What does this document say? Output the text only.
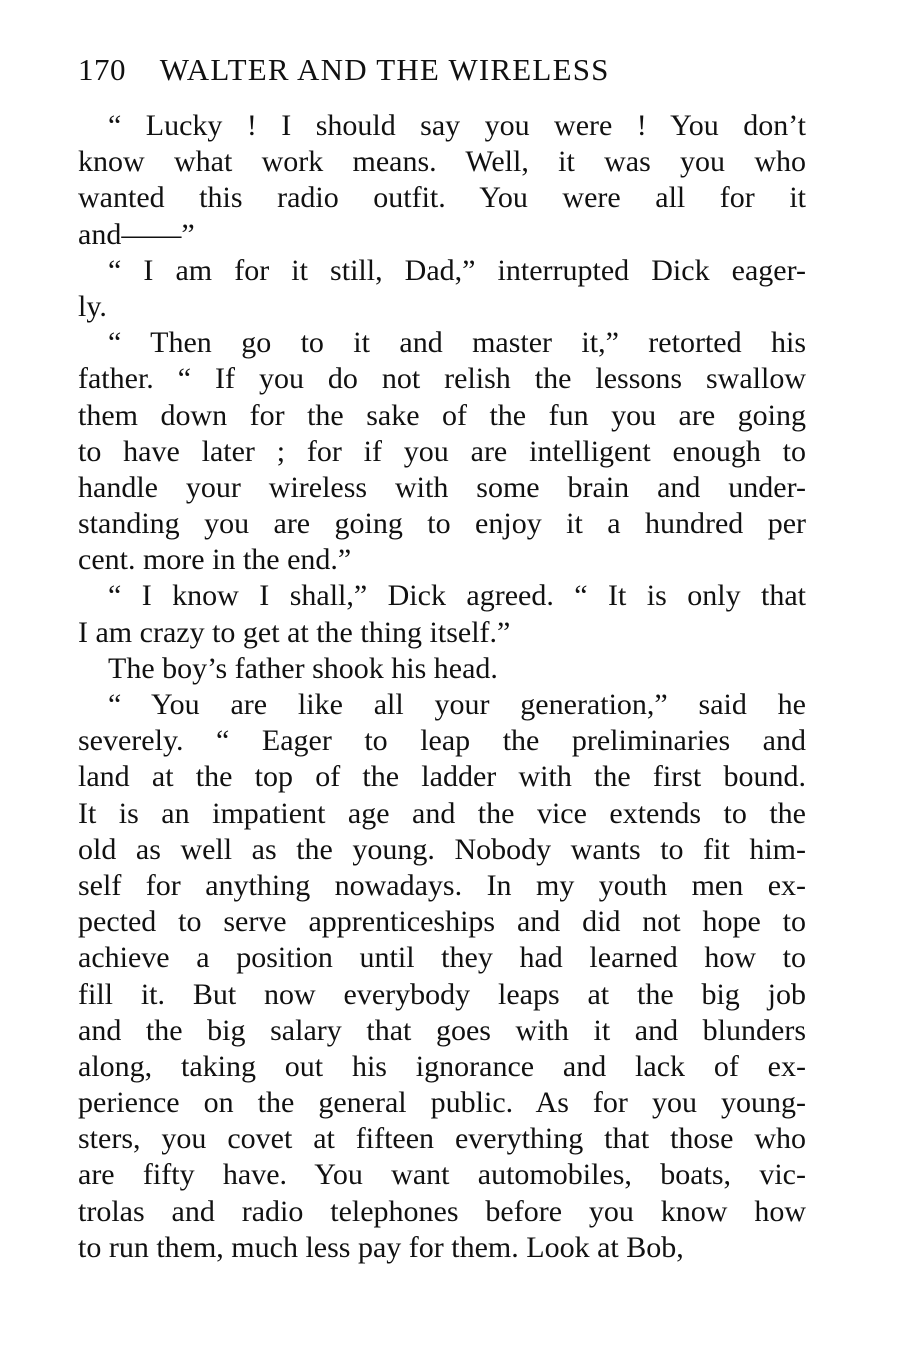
170 WALTER AND THE WIRELESS

“ Lucky ! I should say you were ! You don’t
know what work means. Well, it was you who
wanted this radio outfit. You were all for it
and——”

“ I am for it still, Dad,” interrupted Dick eager-
ly.

“ Then go to it and master it,” retorted his
father. “ If you do not relish the lessons swallow
them down for the sake of the fun you are going
to have later ; for if you are intelligent enough to
handle your wireless with some brain and under-
standing you are going to enjoy it a hundred per
cent. more in the end.”

“ I know I shall,” Dick agreed. “ It is only that
I am crazy to get at the thing itself.”

The boy’s father shook his head.

“ You are like all your generation,” said he
severely. “ Eager to leap the preliminaries and
land at the top of the ladder with the first bound.
It is an impatient age and the vice extends to the
old as well as the young. Nobody wants to fit him-
self for anything nowadays. In my youth men ex-
pected to serve apprenticeships and did not hope to
achieve a position until they had learned how to
fill it. But now everybody leaps at the big job
and the big salary that goes with it and blunders
along, taking out his ignorance and lack of ex-
perience on the general public. As for you young-
sters, you covet at fifteen everything that those who
are fifty have. You want automobiles, boats, vic-
trolas and radio telephones before you know how
to run them, much less pay for them. Look at Bob,
